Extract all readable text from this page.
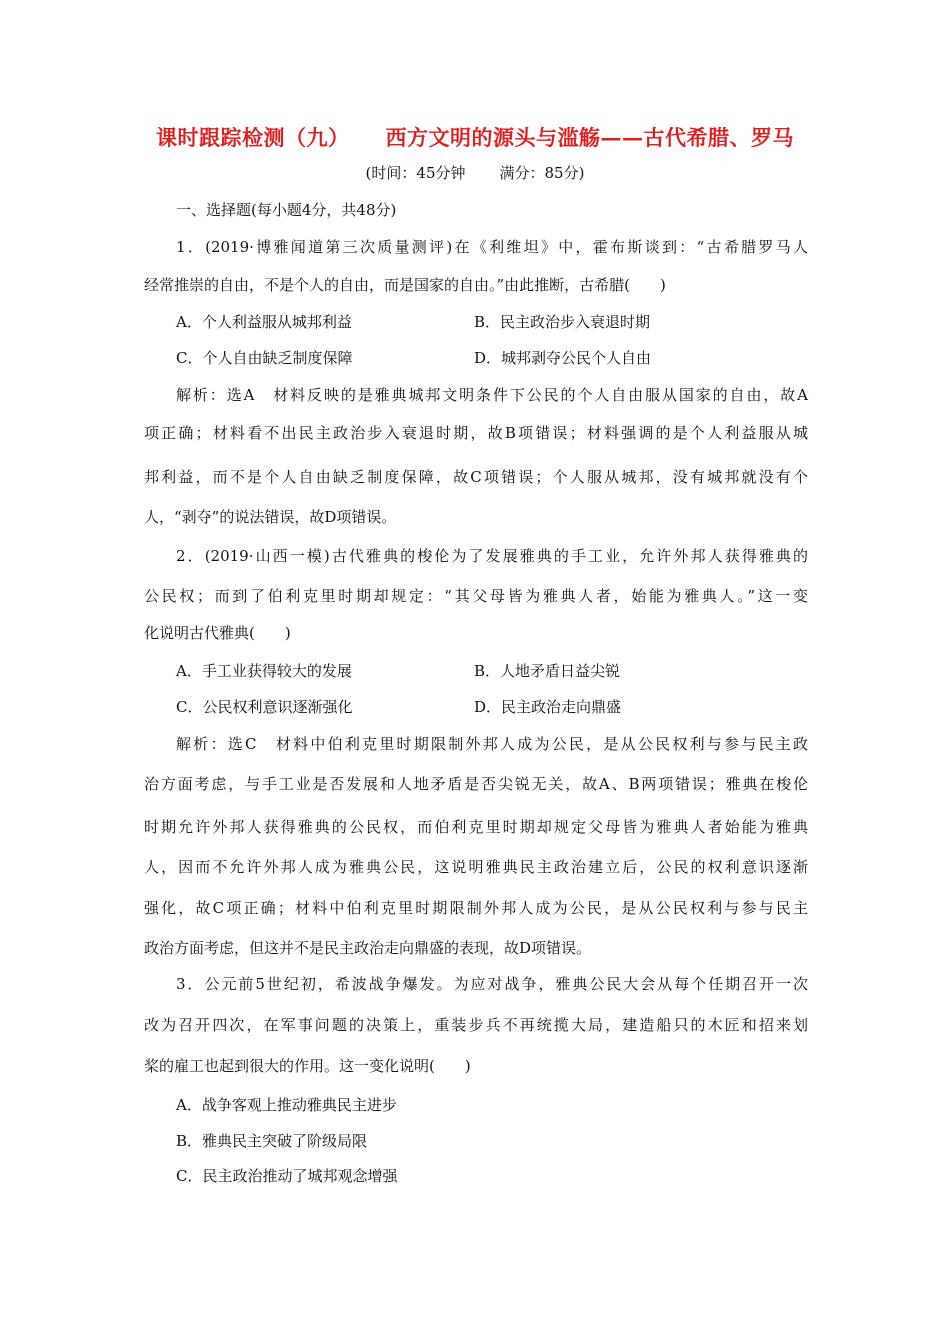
课时跟踪检测（九） 西方文明的源头与滥觞——古代希腊、罗马
(时间：45分钟 满分：85分)
一、选择题(每小题4分，共48分)
1．(2019·博雅闻道第三次质量测评)在《利维坦》中，霍布斯谈到：“古希腊罗马人
经常推崇的自由，不是个人的自由，而是国家的自由。”由此推断，古希腊(　　)
A．个人利益服从城邦利益	B．民主政治步入衰退时期
C．个人自由缺乏制度保障	D．城邦剥夺公民个人自由
解析：选A　材料反映的是雅典城邦文明条件下公民的个人自由服从国家的自由，故A
项正确；材料看不出民主政治步入衰退时期，故B项错误；材料强调的是个人利益服从城
邦利益，而不是个人自由缺乏制度保障，故C项错误；个人服从城邦，没有城邦就没有个
人，“剥夺”的说法错误，故D项错误。
2．(2019·山西一模)古代雅典的梭伦为了发展雅典的手工业，允许外邦人获得雅典的
公民权；而到了伯利克里时期却规定：“其父母皆为雅典人者，始能为雅典人。”这一变
化说明古代雅典(　　)
A．手工业获得较大的发展	B．人地矛盾日益尖锐
C．公民权利意识逐渐强化	D．民主政治走向鼎盛
解析：选C　材料中伯利克里时期限制外邦人成为公民，是从公民权利与参与民主政
治方面考虑，与手工业是否发展和人地矛盾是否尖锐无关，故A、B两项错误；雅典在梭伦
时期允许外邦人获得雅典的公民权，而伯利克里时期却规定父母皆为雅典人者始能为雅典
人，因而不允许外邦人成为雅典公民，这说明雅典民主政治建立后，公民的权利意识逐渐
强化，故C项正确；材料中伯利克里时期限制外邦人成为公民，是从公民权利与参与民主
政治方面考虑，但这并不是民主政治走向鼎盛的表现，故D项错误。
3．公元前5世纪初，希波战争爆发。为应对战争，雅典公民大会从每个任期召开一次
改为召开四次，在军事问题的决策上，重装步兵不再统揽大局，建造船只的木匠和招来划
桨的雇工也起到很大的作用。这一变化说明(　　)
A．战争客观上推动雅典民主进步
B．雅典民主突破了阶级局限
C．民主政治推动了城邦观念增强
